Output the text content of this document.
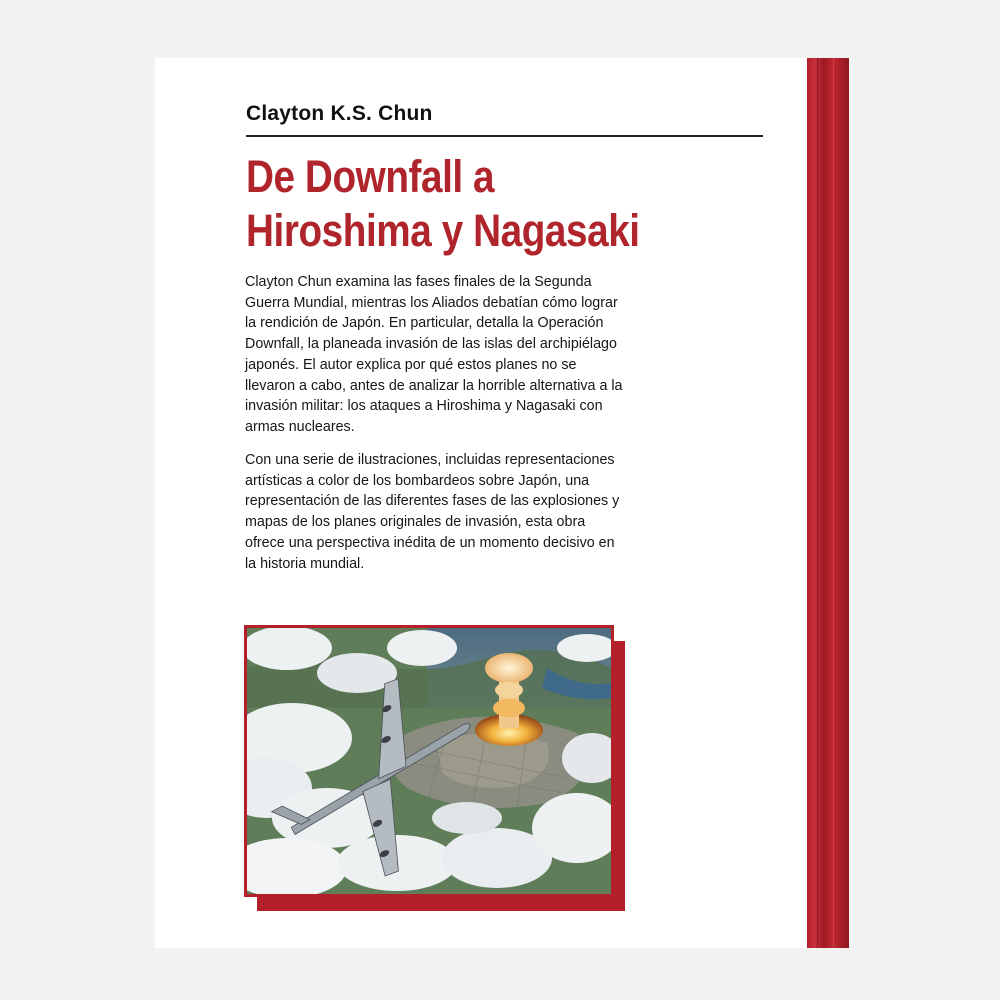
Clayton K.S. Chun
De Downfall a
Hiroshima y Nagasaki
Clayton Chun examina las fases finales de la Segunda Guerra Mundial, mientras los Aliados debatían cómo lograr la rendición de Japón. En particular, detalla la Operación Downfall, la planeada invasión de las islas del archipiélago japonés. El autor explica por qué estos planes no se llevaron a cabo, antes de analizar la horrible alternativa a la invasión militar: los ataques a Hiroshima y Nagasaki con armas nucleares.
Con una serie de ilustraciones, incluidas representaciones artísticas a color de los bombardeos sobre Japón, una representación de las diferentes fases de las explosiones y mapas de los planes originales de invasión, esta obra ofrece una perspectiva inédita de un momento decisivo en la historia mundial.
